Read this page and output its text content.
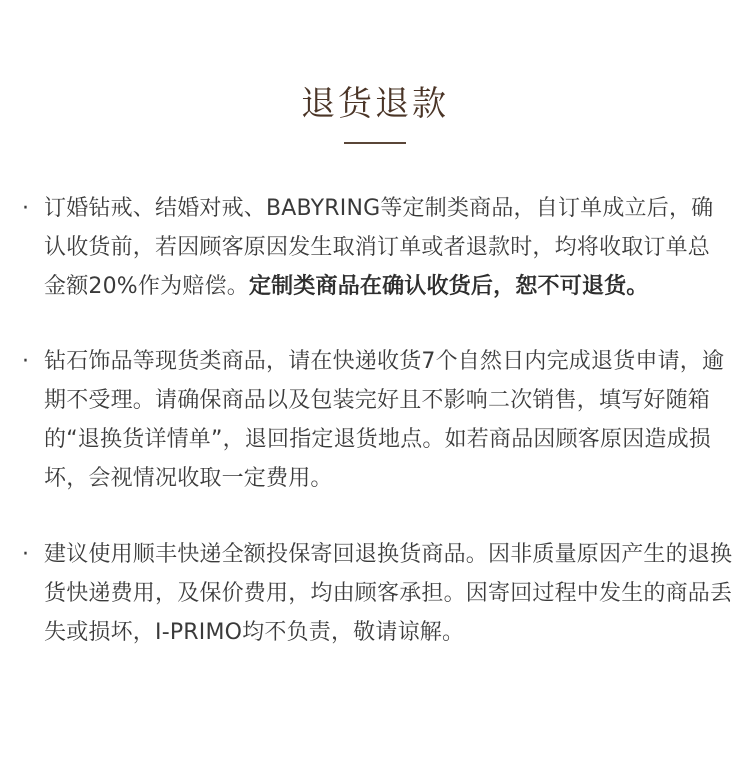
退货退款
· 订婚钻戒、结婚对戒、BABYRING等定制类商品，自订单成立后，确认收货前，若因顾客原因发生取消订单或者退款时，均将收取订单总金额20%作为赔偿。定制类商品在确认收货后，恕不可退货。

· 钻石饰品等现货类商品，请在快递收货7个自然日内完成退货申请，逾期不受理。请确保商品以及包装完好且不影响二次销售，填写好随箱的“退换货详情单”，退回指定退货地点。如若商品因顾客原因造成损坏，会视情况收取一定费用。

· 建议使用顺丰快递全额投保寄回退换货商品。因非质量原因产生的退换货快递费用，及保价费用，均由顾客承担。因寄回过程中发生的商品丢失或损坏，I-PRIMO均不负责，敬请谅解。
